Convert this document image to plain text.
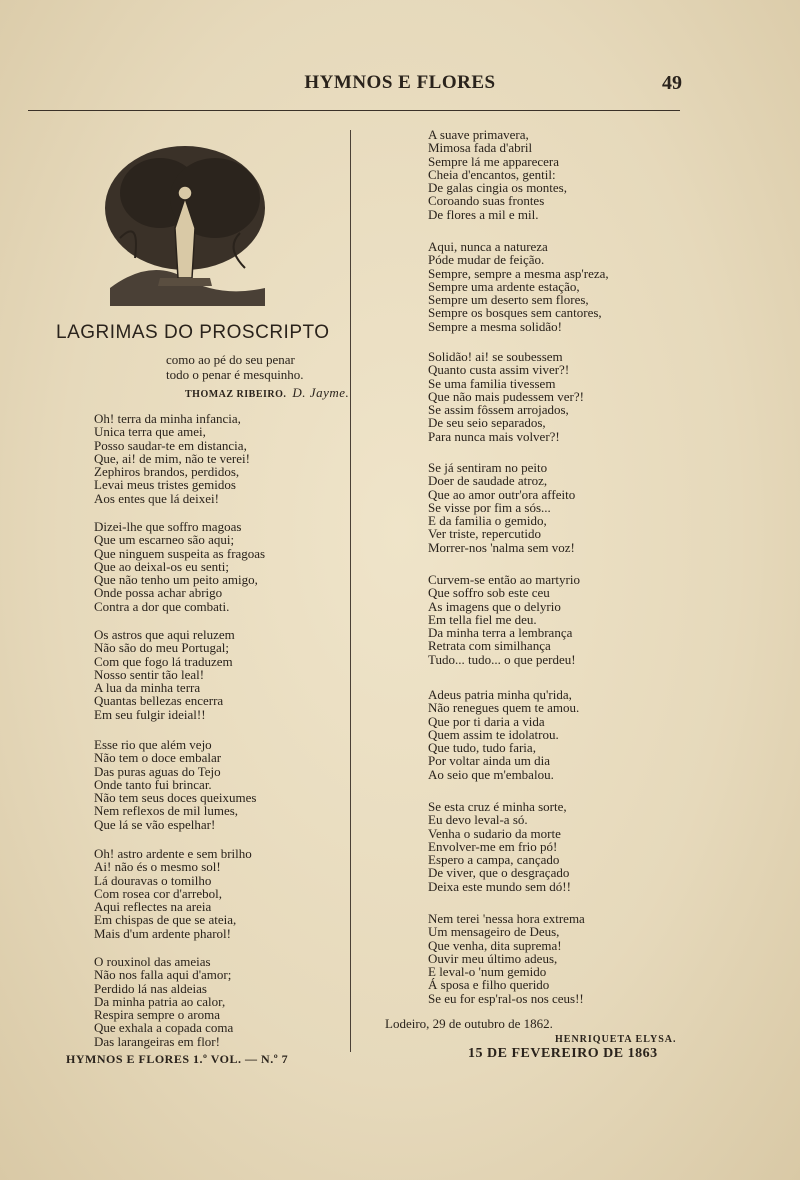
HYMNOS E FLORES	49
LAGRIMAS DO PROSCRIPTO
como ao pé do seu penar
todo o penar é mesquinho.
THOMAZ RIBEIRO. D. Jayme.
Oh! terra da minha infancia,
Unica terra que amei,
Posso saudar-te em distancia,
Que, ai! de mim, não te verei!
Zephiros brandos, perdidos,
Levai meus tristes gemidos
Aos entes que lá deixei!
Dizei-lhe que soffro magoas
Que um escarneo são aqui;
Que ninguem suspeita as fragoas
Que ao deixal-os eu senti;
Que não tenho um peito amigo,
Onde possa achar abrigo
Contra a dor que combati.
Os astros que aqui reluzem
Não são do meu Portugal;
Com que fogo lá traduzem
Nosso sentir tão leal!
A lua da minha terra
Quantas bellezas encerra
Em seu fulgir ideial!!
Esse rio que além vejo
Não tem o doce embalar
Das puras aguas do Tejo
Onde tanto fui brincar.
Não tem seus doces queixumes
Nem reflexos de mil lumes,
Que lá se vão espelhar!
Oh! astro ardente e sem brilho
Ai! não és o mesmo sol!
Lá douravas o tomilho
Com rosea cor d'arrebol,
Aqui reflectes na areia
Em chispas de que se ateia,
Mais d'um ardente pharol!
O rouxinol das ameias
Não nos falla aqui d'amor;
Perdido lá nas aldeias
Da minha patria ao calor,
Respira sempre o aroma
Que exhala a copada coma
Das larangeiras em flor!
A suave primavera,
Mimosa fada d'abril
Sempre lá me apparecera
Cheia d'encantos, gentil:
De galas cingia os montes,
Coroando suas frontes
De flores a mil e mil.
Aqui, nunca a natureza
Póde mudar de feição.
Sempre, sempre a mesma asp'reza,
Sempre uma ardente estação,
Sempre um deserto sem flores,
Sempre os bosques sem cantores,
Sempre a mesma solidão!
Solidão! ai! se soubessem
Quanto custa assim viver?!
Se uma familia tivessem
Que não mais pudessem ver?!
Se assim fôssem arrojados,
De seu seio separados,
Para nunca mais volver?!
Se já sentiram no peito
Doer de saudade atroz,
Que ao amor outr'ora affeito
Se visse por fim a sós...
E da familia o gemido,
Ver triste, repercutido
Morrer-nos 'nalma sem voz!
Curvem-se então ao martyrio
Que soffro sob este ceu
As imagens que o delyrio
Em tella fiel me deu.
Da minha terra a lembrança
Retrata com similhança
Tudo... tudo... o que perdeu!
Adeus patria minha qu'rida,
Não renegues quem te amou.
Que por ti daria a vida
Quem assim te idolatrou.
Que tudo, tudo faria,
Por voltar ainda um dia
Ao seio que m'embalou.
Se esta cruz é minha sorte,
Eu devo leval-a só.
Venha o sudario da morte
Envolver-me em frio pó!
Espero a campa, cançado
De viver, que o desgraçado
Deixa este mundo sem dó!!
Nem terei 'nessa hora extrema
Um mensageiro de Deus,
Que venha, dita suprema!
Ouvir meu último adeus,
E leval-o 'num gemido
Á sposa e filho querido
Se eu for esp'ral-os nos ceus!!
Lodeiro, 29 de outubro de 1862.
HENRIQUETA ELYSA.
HYMNOS E FLORES 1.º VOL. — N.º 7	15 DE FEVEREIRO DE 1863
